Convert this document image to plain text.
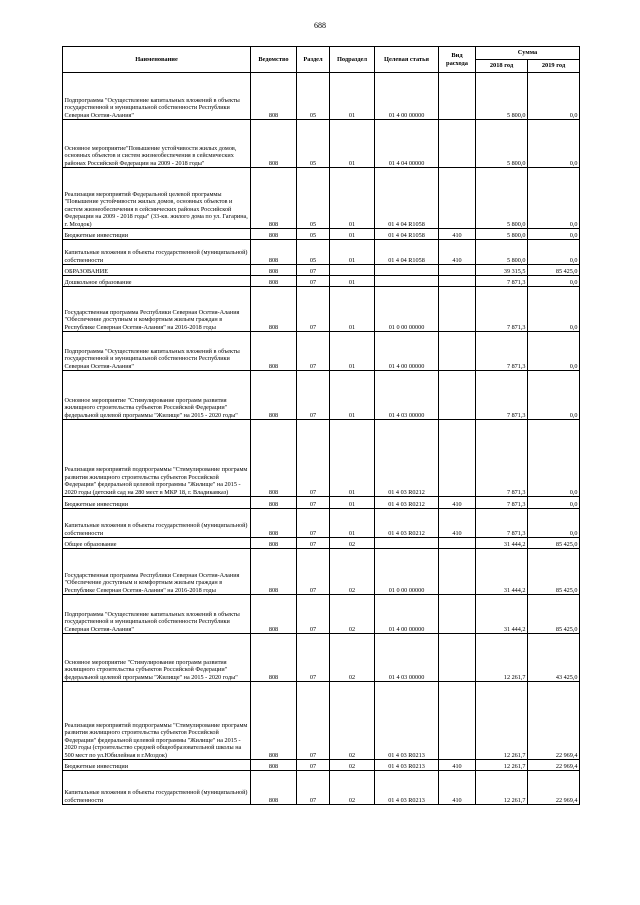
688
Наименование	Ведомство	Раздел	Подраздел	Целевая статья	Вид расхода	Сумма	
						2018 год	2019 год
Подпрограмма "Осуществление капитальных вложений в объекты государственной и муниципальной собственности Республики Северная Осетия-Алания"	808	05	01	01 4 00 00000		5 800,0	0,0
Основное мероприятие"Повышение устойчивости жилых домов, основных объектов и систем жизнеобеспечения в сейсмических районах Российской Федерации на 2009 - 2018 годы"	808	05	01	01 4 04 00000		5 800,0	0,0
Реализация мероприятий Федеральной целевой программы "Повышение устойчивости жилых домов, основных объектов и систем жизнеобеспечения в сейсмических районах Российской Федерации на 2009 - 2018 годы" (33-кв. жилого дома по ул. Гагарина, г. Моздок)	808	05	01	01 4 04 R1058		5 800,0	0,0
Бюджетные инвестиции	808	05	01	01 4 04 R1058	410	5 800,0	0,0
Капитальные вложения в объекты государственной (муниципальной) собственности	808	05	01	01 4 04 R1058	410	5 800,0	0,0
ОБРАЗОВАНИЕ	808	07				39 315,5	85 425,0
Дошкольное образование	808	07	01			7 871,3	0,0
Государственная программа Республики Северная Осетия-Алания "Обеспечение доступным и комфортным жильем граждан в Республике Северная Осетия-Алания" на 2016-2018 годы	808	07	01	01 0 00 00000		7 871,3	0,0
Подпрограмма "Осуществление капитальных вложений в объекты государственной и муниципальной собственности Республики Северная Осетия-Алания"	808	07	01	01 4 00 00000		7 871,3	0,0
Основное мероприятие "Стимулирование программ развития жилищного строительства субъектов Российской Федерации" федеральной целевой программы "Жилище" на 2015 - 2020 годы"	808	07	01	01 4 03 00000		7 871,3	0,0
Реализация мероприятий подпрограммы "Стимулирование программ развития жилищного строительства субъектов Российской Федерации" федеральной целевой программы "Жилище" на 2015 - 2020 годы (детский сад на 280 мест в МКР 18, г. Владикавказ)	808	07	01	01 4 03 R0212		7 871,3	0,0
Бюджетные инвестиции	808	07	01	01 4 03 R0212	410	7 871,3	0,0
Капитальные вложения в объекты государственной (муниципальной) собственности	808	07	01	01 4 03 R0212	410	7 871,3	0,0
Общее образование	808	07	02			31 444,2	85 425,0
Государственная программа Республики Северная Осетия-Алания "Обеспечение доступным и комфортным жильем граждан в Республике Северная Осетия-Алания" на 2016-2018 годы	808	07	02	01 0 00 00000		31 444,2	85 425,0
Подпрограмма "Осуществление капитальных вложений в объекты государственной и муниципальной собственности Республики Северная Осетия-Алания"	808	07	02	01 4 00 00000		31 444,2	85 425,0
Основное мероприятие "Стимулирование программ развития жилищного строительства субъектов Российской Федерации" федеральной целевой программы "Жилище" на 2015 - 2020 годы"	808	07	02	01 4 03 00000		12 261,7	43 425,0
Реализация мероприятий подпрограммы "Стимулирование программ развития жилищного строительства субъектов Российской Федерации" федеральной целевой программы "Жилище" на 2015 - 2020 годы (строительство средней общеобразовательной школы на 500 мест по ул.Юбилейная в г.Моздок)	808	07	02	01 4 03 R0213		12 261,7	22 969,4
Бюджетные инвестиции	808	07	02	01 4 03 R0213	410	12 261,7	22 969,4
Капитальные вложения в объекты государственной (муниципальной) собственности	808	07	02	01 4 03 R0213	410	12 261,7	22 969,4
